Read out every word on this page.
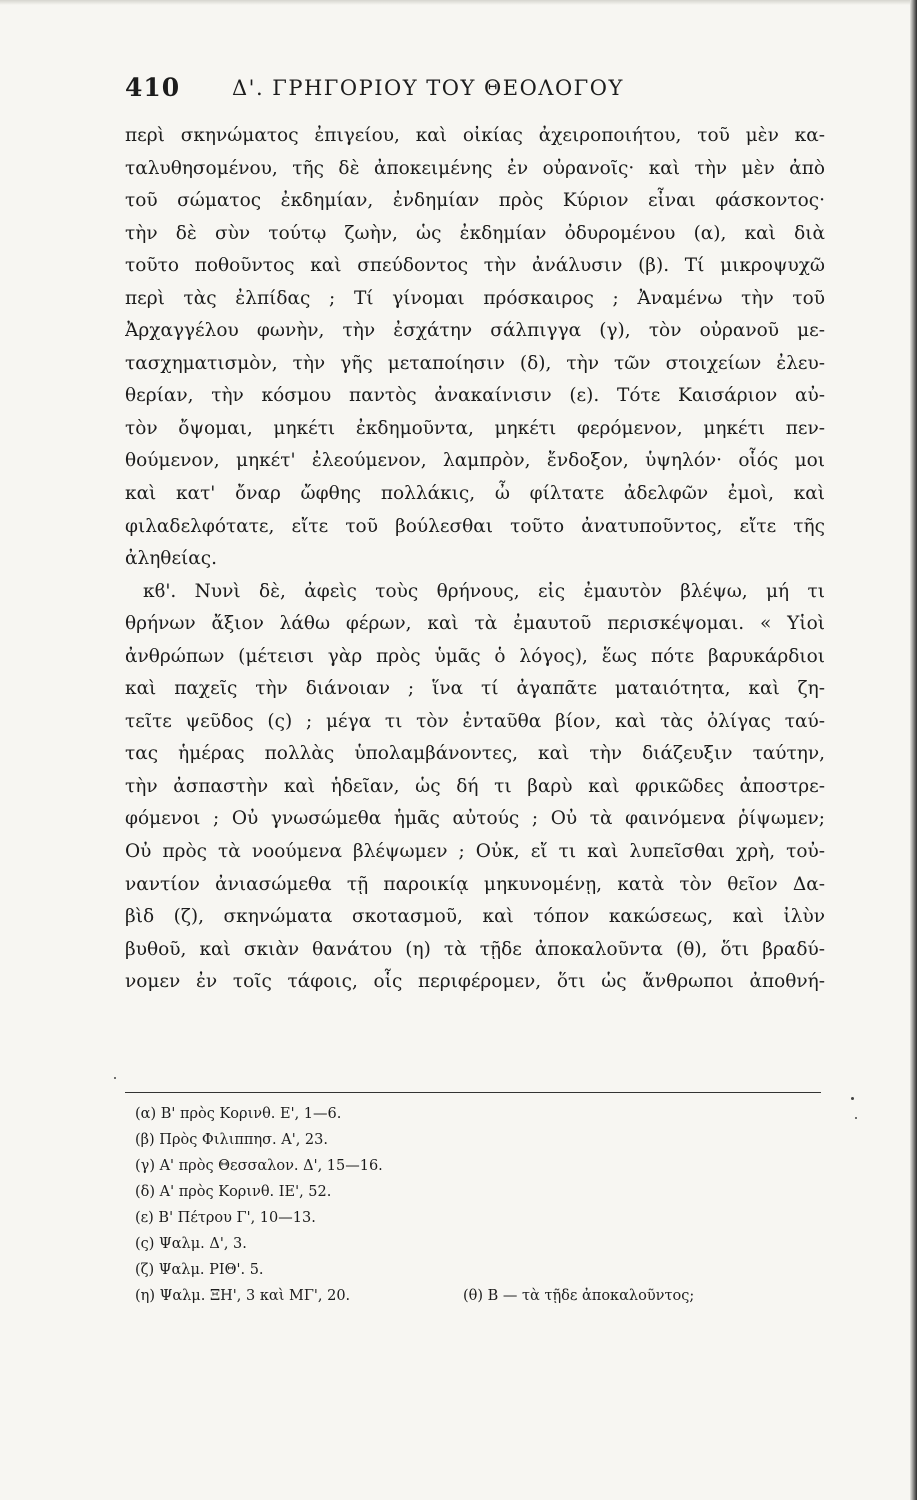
410 Δ'. ΓΡΗΓΟΡΙΟΥ ΤΟΥ ΘΕΟΛΟΓΟΥ
περὶ σκηνώματος ἐπιγείου, καὶ οἰκίας ἀχειροποιήτου, τοῦ μὲν κα-
ταλυθησομένου, τῆς δὲ ἀποκειμένης ἐν οὐρανοῖς· καὶ τὴν μὲν ἀπὸ
τοῦ σώματος ἐκδημίαν, ἐνδημίαν πρὸς Κύριον εἶναι φάσκοντος·
τὴν δὲ σὺν τούτῳ ζωὴν, ὡς ἐκδημίαν ὀδυρομένου (α), καὶ διὰ
τοῦτο ποθοῦντος καὶ σπεύδοντος τὴν ἀνάλυσιν (β). Τί μικροψυχῶ
περὶ τὰς ἐλπίδας ; Τί γίνομαι πρόσκαιρος ; Ἀναμένω τὴν τοῦ
Ἀρχαγγέλου φωνὴν, τὴν ἐσχάτην σάλπιγγα (γ), τὸν οὐρανοῦ με-
τασχηματισμὸν, τὴν γῆς μεταποίησιν (δ), τὴν τῶν στοιχείων ἐλευ-
θερίαν, τὴν κόσμου παντὸς ἀνακαίνισιν (ε). Τότε Καισάριον αὐ-
τὸν ὄψομαι, μηκέτι ἐκδημοῦντα, μηκέτι φερόμενον, μηκέτι πεν-
θούμενον, μηκέτ' ἐλεούμενον, λαμπρὸν, ἔνδοξον, ὑψηλόν· οἷός μοι
καὶ κατ' ὄναρ ὤφθης πολλάκις, ὦ φίλτατε ἀδελφῶν ἐμοὶ, καὶ
φιλαδελφότατε, εἴτε τοῦ βούλεσθαι τοῦτο ἀνατυποῦντος, εἴτε τῆς
ἀληθείας.
κϐ'. Νυνὶ δὲ, ἀφεὶς τοὺς θρήνους, εἰς ἐμαυτὸν βλέψω, μή τι
θρήνων ἄξιον λάθω φέρων, καὶ τὰ ἐμαυτοῦ περισκέψομαι. « Υἱοὶ
ἀνθρώπων (μέτεισι γὰρ πρὸς ὑμᾶς ὁ λόγος), ἕως πότε βαρυκάρδιοι
καὶ παχεῖς τὴν διάνοιαν ; ἵνα τί ἀγαπᾶτε ματαιότητα, καὶ ζη-
τεῖτε ψεῦδος (ς) ; μέγα τι τὸν ἐνταῦθα βίον, καὶ τὰς ὀλίγας ταύ-
τας ἡμέρας πολλὰς ὑπολαμβάνοντες, καὶ τὴν διάζευξιν ταύτην,
τὴν ἀσπαστὴν καὶ ἡδεῖαν, ὡς δή τι βαρὺ καὶ φρικῶδες ἀποστρε-
φόμενοι ; Οὐ γνωσώμεθα ἡμᾶς αὐτούς ; Οὐ τὰ φαινόμενα ῥίψωμεν;
Οὐ πρὸς τὰ νοούμενα βλέψωμεν ; Οὐκ, εἴ τι καὶ λυπεῖσθαι χρὴ, τοὐ-
ναντίον ἀνιασώμεθα τῇ παροικίᾳ μηκυνομένῃ, κατὰ τὸν θεῖον Δα-
βὶδ (ζ), σκηνώματα σκοτασμοῦ, καὶ τόπον κακώσεως, καὶ ἰλὺν
βυθοῦ, καὶ σκιὰν θανάτου (η) τὰ τῇδε ἀποκαλοῦντα (θ), ὅτι βραδύ-
νομεν ἐν τοῖς τάφοις, οἷς περιφέρομεν, ὅτι ὡς ἄνθρωποι ἀποθνή-
(α) Β' πρὸς Κορινθ. Ε', 1—6.
(β) Πρὸς Φιλιππησ. Α', 23.
(γ) Α' πρὸς Θεσσαλον. Δ', 15—16.
(δ) Α' πρὸς Κορινθ. ΙΕ', 52.
(ε) Β' Πέτρου Γ', 10—13.
(ς) Ψαλμ. Δ', 3.
(ζ) Ψαλμ. ΡΙΘ'. 5.
(η) Ψαλμ. ΞΗ', 3 καὶ ΜΓ', 20.	(θ) Β — τὰ τῇδε ἀποκαλοῦντος;
